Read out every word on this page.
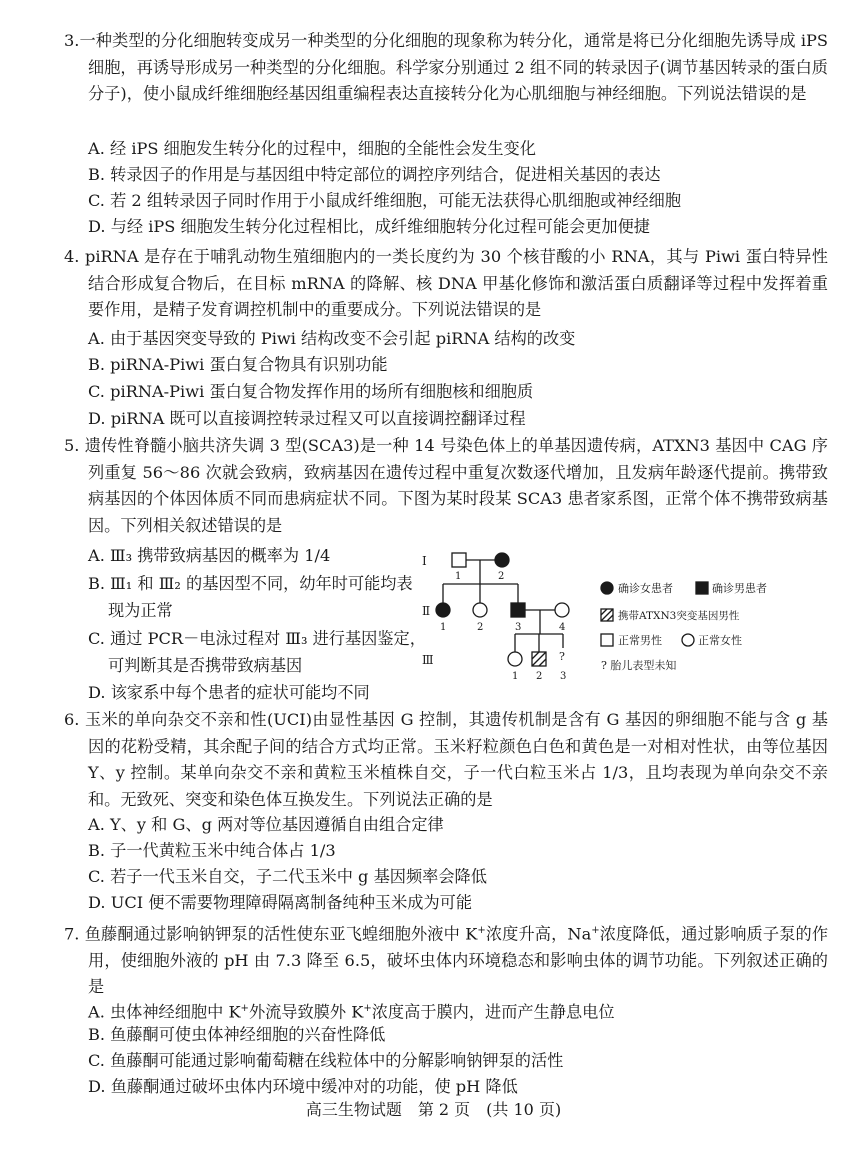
3.一种类型的分化细胞转变成另一种类型的分化细胞的现象称为转分化，通常是将已分化细胞先诱导成 iPS 细胞，再诱导形成另一种类型的分化细胞。科学家分别通过 2 组不同的转录因子(调节基因转录的蛋白质分子)，使小鼠成纤维细胞经基因组重编程表达直接转分化为心肌细胞与神经细胞。下列说法错误的是
A. 经 iPS 细胞发生转分化的过程中，细胞的全能性会发生变化
B. 转录因子的作用是与基因组中特定部位的调控序列结合，促进相关基因的表达
C. 若 2 组转录因子同时作用于小鼠成纤维细胞，可能无法获得心肌细胞或神经细胞
D. 与经 iPS 细胞发生转分化过程相比，成纤维细胞转分化过程可能会更加便捷
4. piRNA 是存在于哺乳动物生殖细胞内的一类长度约为 30 个核苷酸的小 RNA，其与 Piwi 蛋白特异性结合形成复合物后，在目标 mRNA 的降解、核 DNA 甲基化修饰和激活蛋白质翻译等过程中发挥着重要作用，是精子发育调控机制中的重要成分。下列说法错误的是
A. 由于基因突变导致的 Piwi 结构改变不会引起 piRNA 结构的改变
B. piRNA-Piwi 蛋白复合物具有识别功能
C. piRNA-Piwi 蛋白复合物发挥作用的场所有细胞核和细胞质
D. piRNA 既可以直接调控转录过程又可以直接调控翻译过程
5. 遗传性脊髓小脑共济失调 3 型(SCA3)是一种 14 号染色体上的单基因遗传病，ATXN3 基因中 CAG 序列重复 56～86 次就会致病，致病基因在遗传过程中重复次数逐代增加，且发病年龄逐代提前。携带致病基因的个体因体质不同而患病症状不同。下图为某时段某 SCA3 患者家系图，正常个体不携带致病基因。下列相关叙述错误的是
A. Ⅲ₃ 携带致病基因的概率为 1/4
B. Ⅲ₁ 和 Ⅲ₂ 的基因型不同，幼年时可能均表现为正常
C. 通过 PCR－电泳过程对 Ⅲ₃ 进行基因鉴定，可判断其是否携带致病基因
D. 该家系中每个患者的症状可能均不同
Ⅰ
Ⅱ
Ⅲ
1	2
1	2	3	4
1 2
?
3
确诊女患者	确诊男患者
携带ATXN3突变基因男性
正常男性	正常女性
? 胎儿表型未知
6. 玉米的单向杂交不亲和性(UCI)由显性基因 G 控制，其遗传机制是含有 G 基因的卵细胞不能与含 g 基因的花粉受精，其余配子间的结合方式均正常。玉米籽粒颜色白色和黄色是一对相对性状，由等位基因 Y、y 控制。某单向杂交不亲和黄粒玉米植株自交，子一代白粒玉米占 1/3，且均表现为单向杂交不亲和。无致死、突变和染色体互换发生。下列说法正确的是
A. Y、y 和 G、g 两对等位基因遵循自由组合定律
B. 子一代黄粒玉米中纯合体占 1/3
C. 若子一代玉米自交，子二代玉米中 g 基因频率会降低
D. UCI 便不需要物理障碍隔离制备纯种玉米成为可能
7. 鱼藤酮通过影响钠钾泵的活性使东亚飞蝗细胞外液中 K+浓度升高，Na+浓度降低，通过影响质子泵的作用，使细胞外液的 pH 由 7.3 降至 6.5，破坏虫体内环境稳态和影响虫体的调节功能。下列叙述正确的是
A. 虫体神经细胞中 K+外流导致膜外 K+浓度高于膜内，进而产生静息电位
B. 鱼藤酮可使虫体神经细胞的兴奋性降低
C. 鱼藤酮可能通过影响葡萄糖在线粒体中的分解影响钠钾泵的活性
D. 鱼藤酮通过破坏虫体内环境中缓冲对的功能，使 pH 降低
高三生物试题　第 2 页　(共 10 页)
